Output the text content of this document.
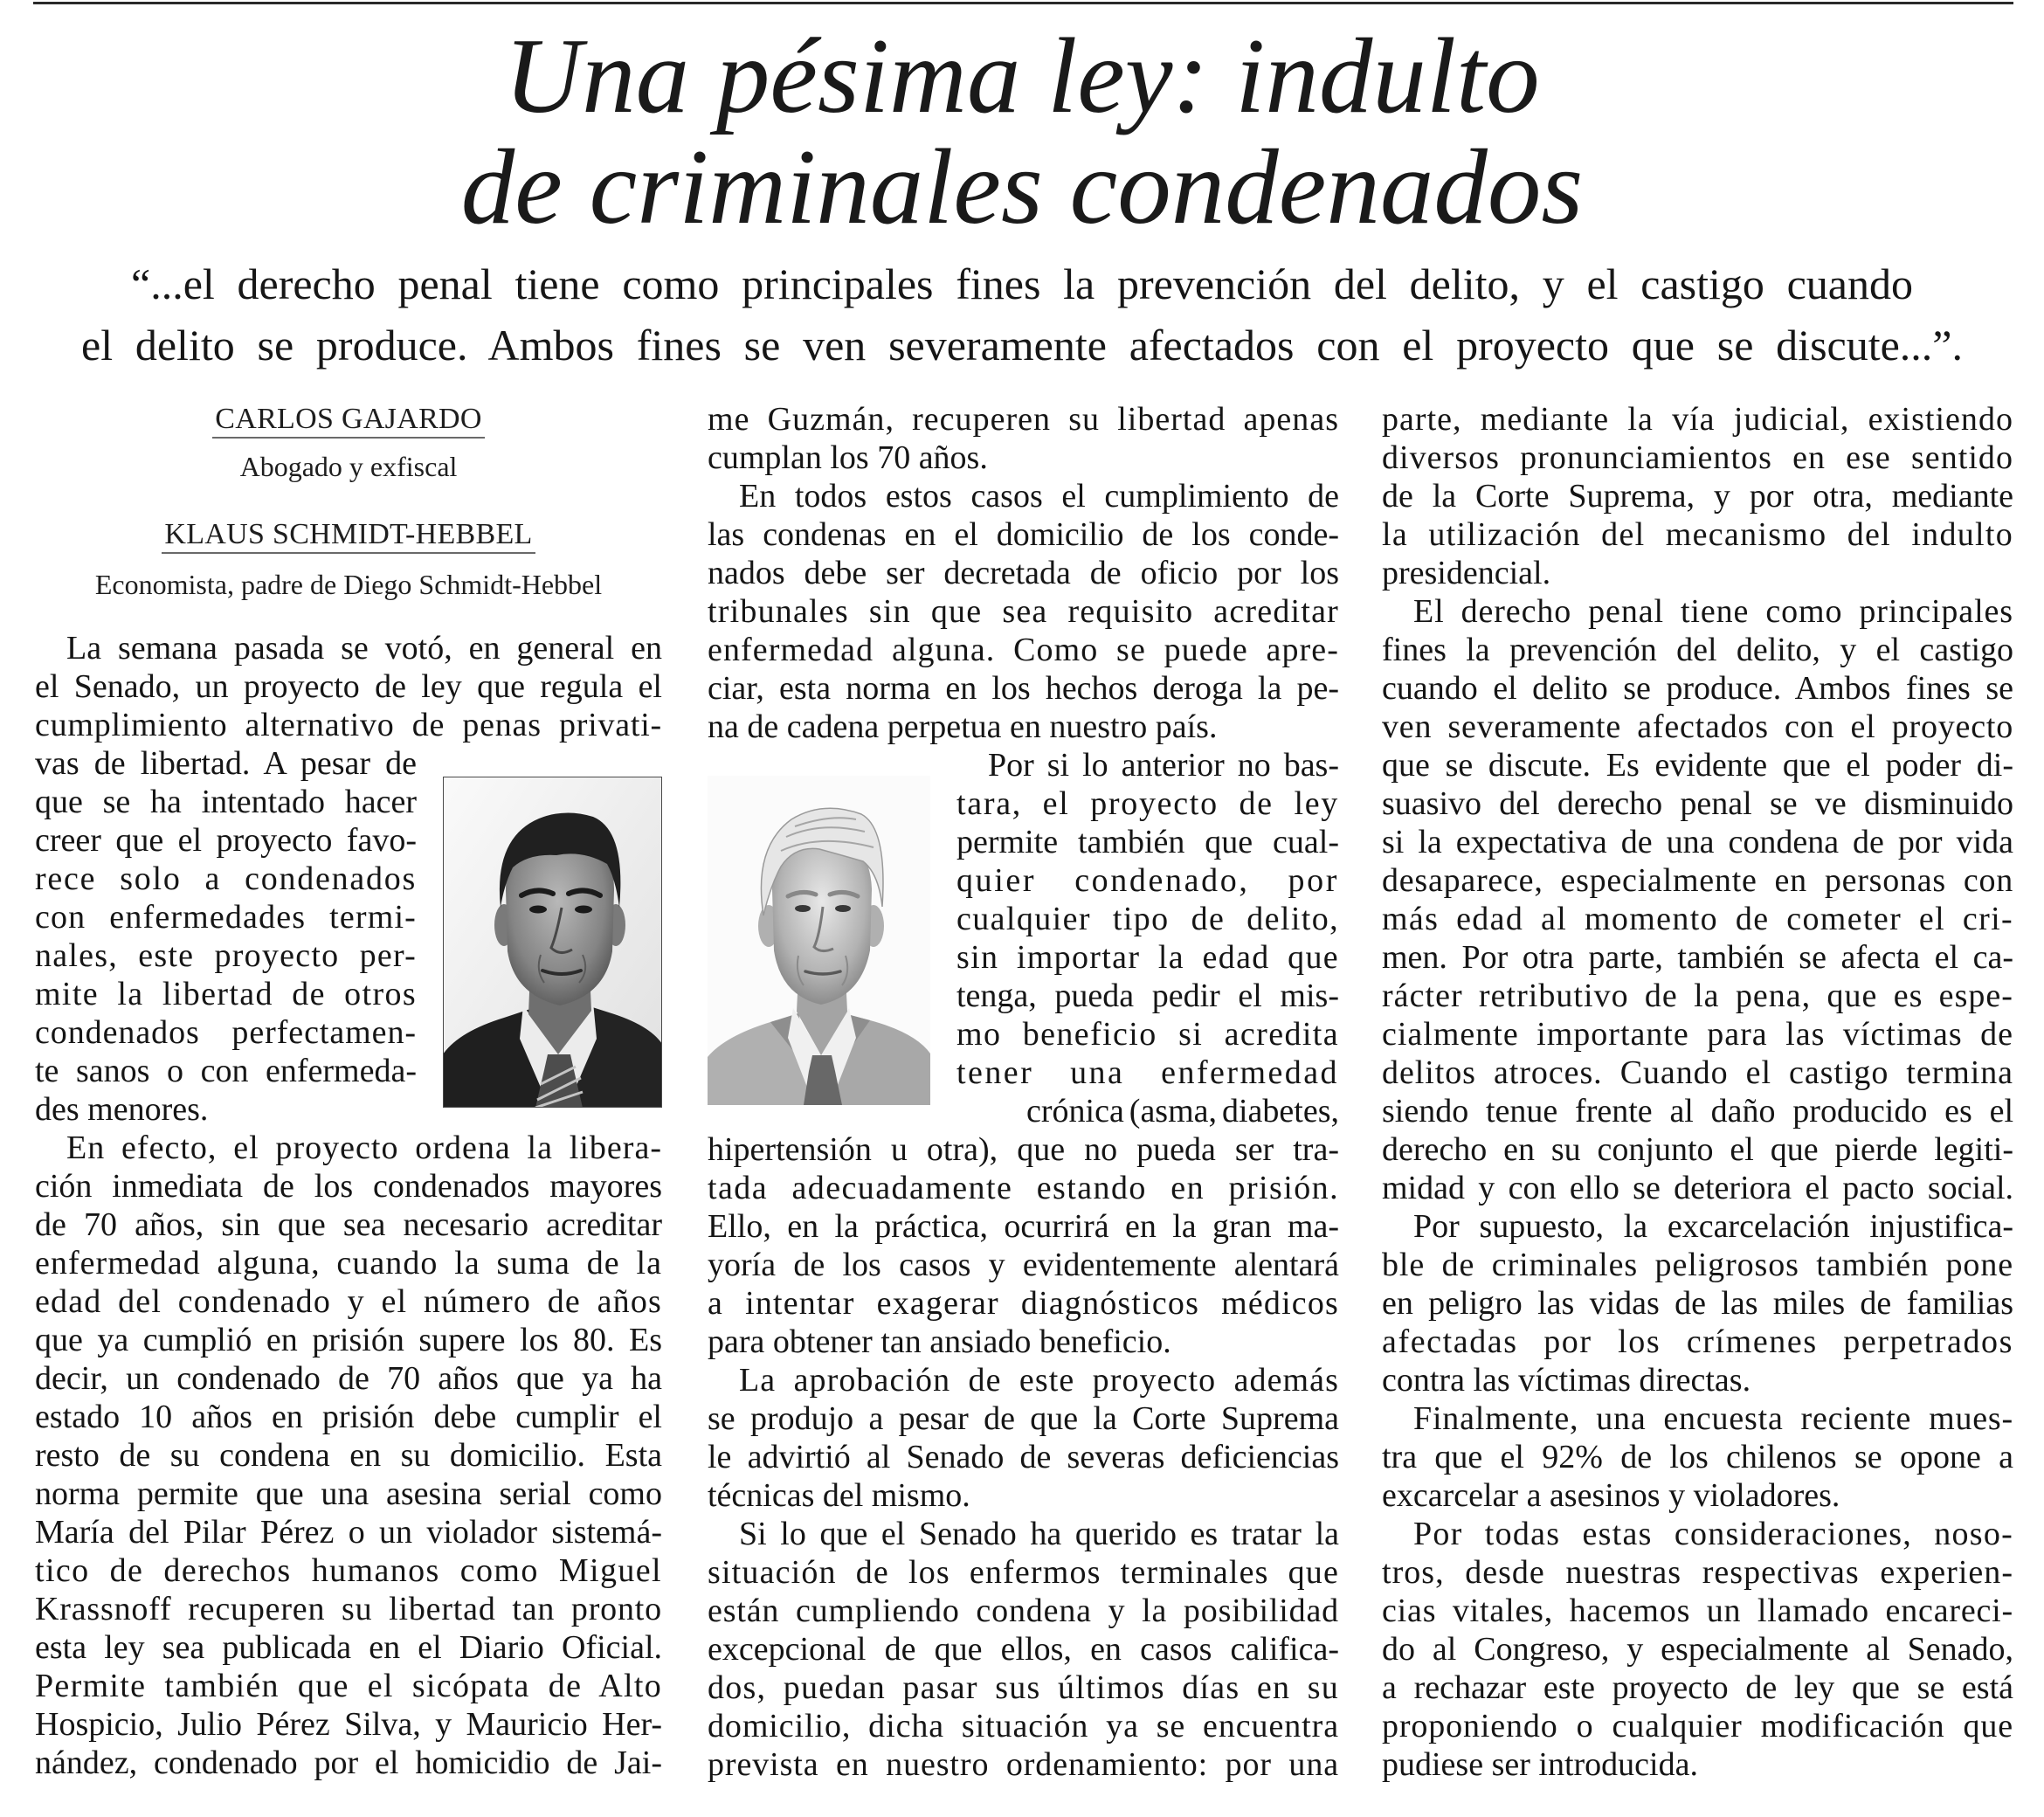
Una pésima ley: indulto
de criminales condenados
“...el derecho penal tiene como principales fines la prevención del delito, y el castigo cuando
el delito se produce. Ambos fines se ven severamente afectados con el proyecto que se discute...”.
CARLOS GAJARDO
Abogado y exfiscal
KLAUS SCHMIDT-HEBBEL
Economista, padre de Diego Schmidt-Hebbel
La semana pasada se votó, en general en
el Senado, un proyecto de ley que regula el
cumplimiento alternativo de penas privati-
vas de libertad. A pesar de
que se ha intentado hacer
creer que el proyecto favo-
rece solo a condenados
con enfermedades termi-
nales, este proyecto per-
mite la libertad de otros
condenados perfectamen-
te sanos o con enfermeda-
des menores.
En efecto, el proyecto ordena la libera-
ción inmediata de los condenados mayores
de 70 años, sin que sea necesario acreditar
enfermedad alguna, cuando la suma de la
edad del condenado y el número de años
que ya cumplió en prisión supere los 80. Es
decir, un condenado de 70 años que ya ha
estado 10 años en prisión debe cumplir el
resto de su condena en su domicilio. Esta
norma permite que una asesina serial como
María del Pilar Pérez o un violador sistemá-
tico de derechos humanos como Miguel
Krassnoff recuperen su libertad tan pronto
esta ley sea publicada en el Diario Oficial.
Permite también que el sicópata de Alto
Hospicio, Julio Pérez Silva, y Mauricio Her-
nández, condenado por el homicidio de Jai-
me Guzmán, recuperen su libertad apenas
cumplan los 70 años.
En todos estos casos el cumplimiento de
las condenas en el domicilio de los conde-
nados debe ser decretada de oficio por los
tribunales sin que sea requisito acreditar
enfermedad alguna. Como se puede apre-
ciar, esta norma en los hechos deroga la pe-
na de cadena perpetua en nuestro país.
Por si lo anterior no bas-
tara, el proyecto de ley
permite también que cual-
quier condenado, por
cualquier tipo de delito,
sin importar la edad que
tenga, pueda pedir el mis-
mo beneficio si acredita
tener una enfermedad
crónica (asma, diabetes,
hipertensión u otra), que no pueda ser tra-
tada adecuadamente estando en prisión.
Ello, en la práctica, ocurrirá en la gran ma-
yoría de los casos y evidentemente alentará
a intentar exagerar diagnósticos médicos
para obtener tan ansiado beneficio.
La aprobación de este proyecto además
se produjo a pesar de que la Corte Suprema
le advirtió al Senado de severas deficiencias
técnicas del mismo.
Si lo que el Senado ha querido es tratar la
situación de los enfermos terminales que
están cumpliendo condena y la posibilidad
excepcional de que ellos, en casos califica-
dos, puedan pasar sus últimos días en su
domicilio, dicha situación ya se encuentra
prevista en nuestro ordenamiento: por una
parte, mediante la vía judicial, existiendo
diversos pronunciamientos en ese sentido
de la Corte Suprema, y por otra, mediante
la utilización del mecanismo del indulto
presidencial.
El derecho penal tiene como principales
fines la prevención del delito, y el castigo
cuando el delito se produce. Ambos fines se
ven severamente afectados con el proyecto
que se discute. Es evidente que el poder di-
suasivo del derecho penal se ve disminuido
si la expectativa de una condena de por vida
desaparece, especialmente en personas con
más edad al momento de cometer el cri-
men. Por otra parte, también se afecta el ca-
rácter retributivo de la pena, que es espe-
cialmente importante para las víctimas de
delitos atroces. Cuando el castigo termina
siendo tenue frente al daño producido es el
derecho en su conjunto el que pierde legiti-
midad y con ello se deteriora el pacto social.
Por supuesto, la excarcelación injustifica-
ble de criminales peligrosos también pone
en peligro las vidas de las miles de familias
afectadas por los crímenes perpetrados
contra las víctimas directas.
Finalmente, una encuesta reciente mues-
tra que el 92% de los chilenos se opone a
excarcelar a asesinos y violadores.
Por todas estas consideraciones, noso-
tros, desde nuestras respectivas experien-
cias vitales, hacemos un llamado encareci-
do al Congreso, y especialmente al Senado,
a rechazar este proyecto de ley que se está
proponiendo o cualquier modificación que
pudiese ser introducida.
